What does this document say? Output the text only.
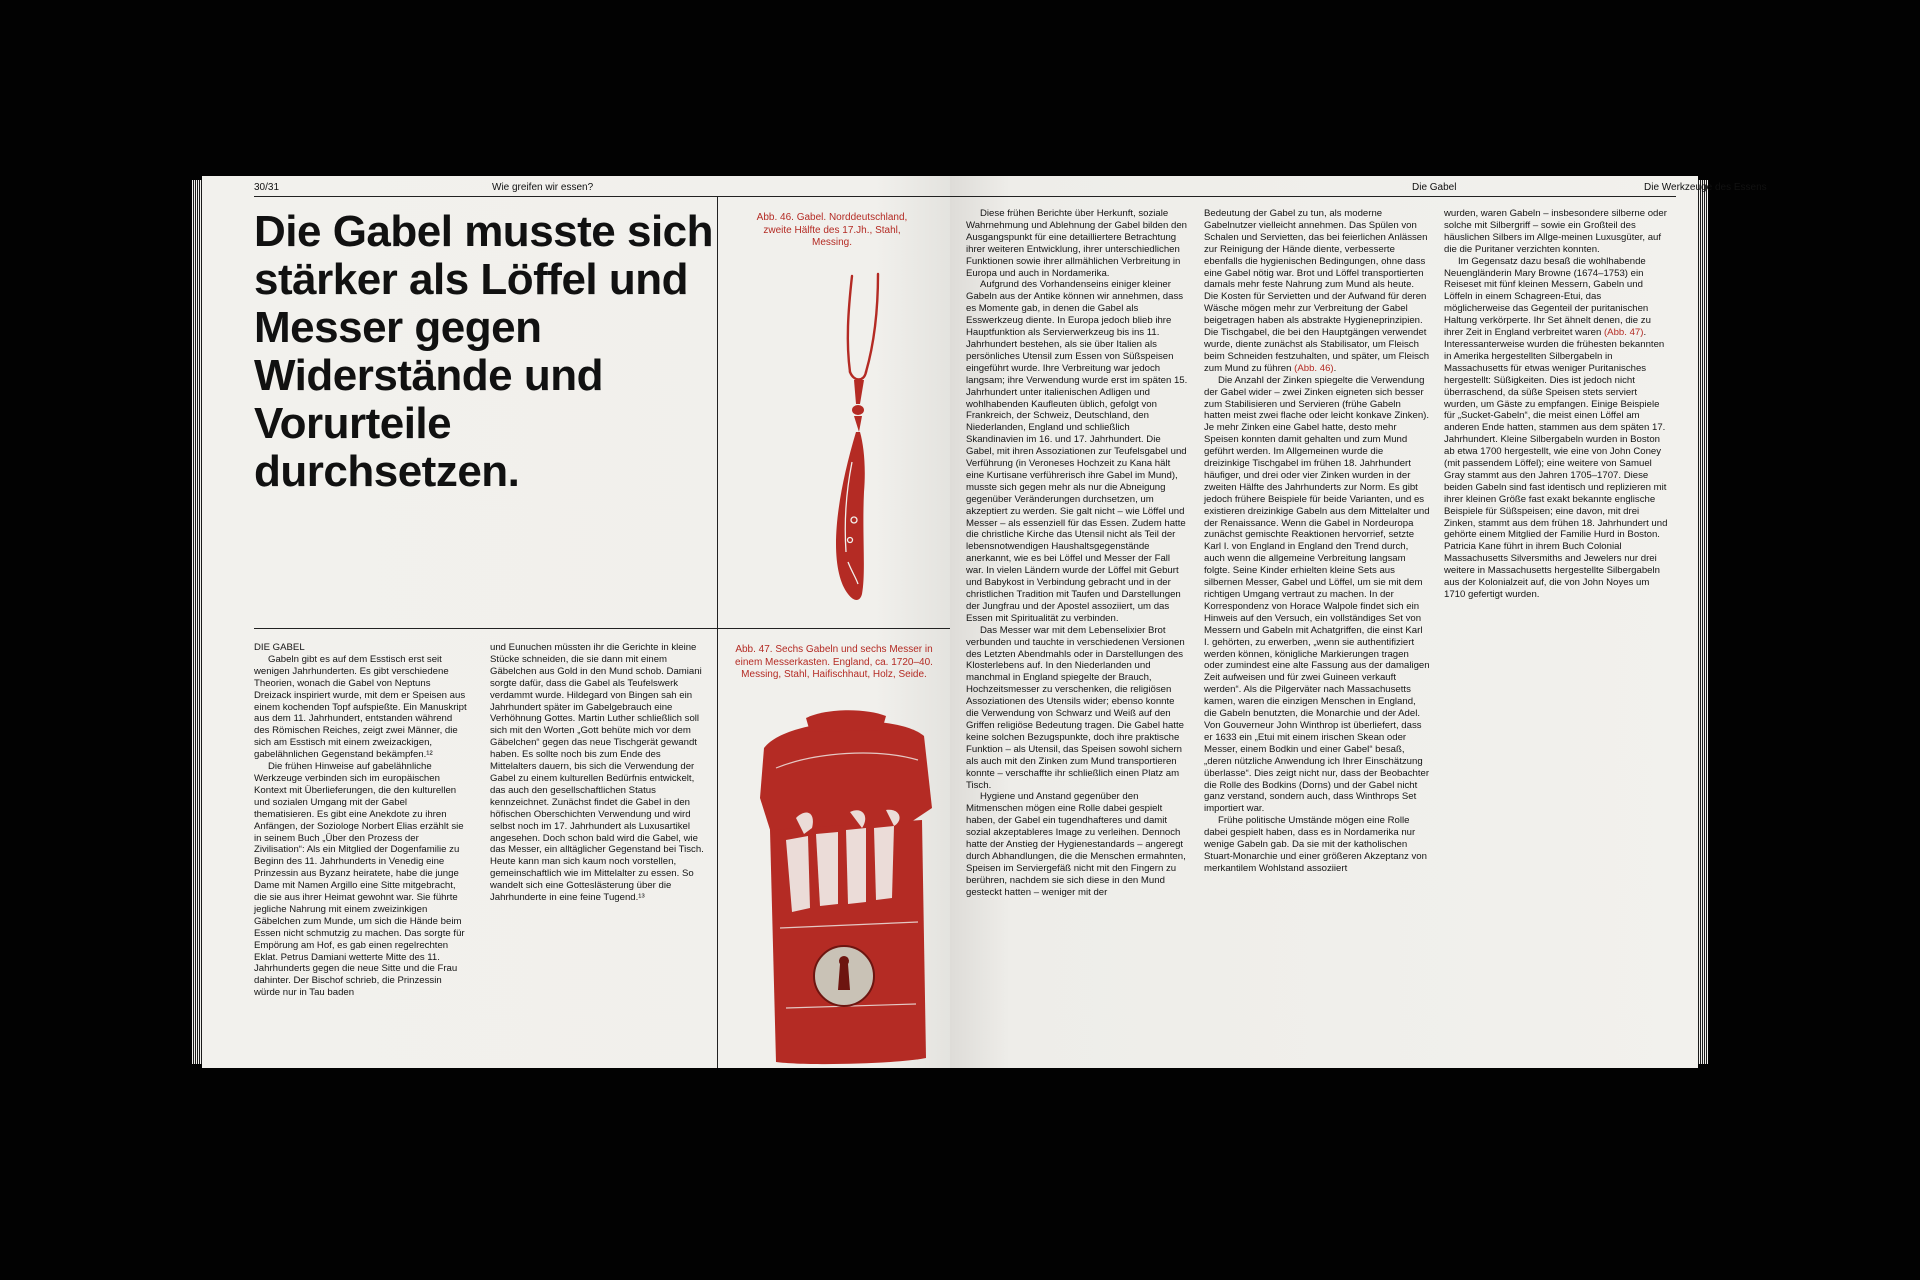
30/31	Wie greifen wir essen?
Die Gabel musste sich stärker als Löffel und Messer gegen Widerstände und Vorurteile durchsetzen.
Abb. 46. Gabel. Norddeutschland, zweite Hälfte des 17.Jh., Stahl, Messing.
Abb. 47. Sechs Gabeln und sechs Messer in einem Messerkasten. England, ca. 1720–40. Messing, Stahl, Haifischhaut, Holz, Seide.

DIE GABEL

Gabeln gibt es auf dem Esstisch erst seit wenigen Jahrhunderten. Es gibt verschiedene Theorien, wonach die Gabel von Neptuns Dreizack inspiriert wurde, mit dem er Speisen aus einem kochenden Topf aufspießte. Ein Manuskript aus dem 11. Jahrhundert, entstanden während des Römischen Reiches, zeigt zwei Männer, die sich am Esstisch mit einem zweizackigen, gabelähnlichen Gegenstand bekämpfen.¹²

Die frühen Hinweise auf gabelähnliche Werkzeuge verbinden sich im europäischen Kontext mit Überlieferungen, die den kulturellen und sozialen Umgang mit der Gabel thematisieren. Es gibt eine Anekdote zu ihren Anfängen, der Soziologe Norbert Elias erzählt sie in seinem Buch „Über den Prozess der Zivilisation“: Als ein Mitglied der Dogenfamilie zu Beginn des 11. Jahrhunderts in Venedig eine Prinzessin aus Byzanz heiratete, habe die junge Dame mit Namen Argillo eine Sitte mitgebracht, die sie aus ihrer Heimat gewohnt war. Sie führte jegliche Nahrung mit einem zweizinkigen Gäbelchen zum Munde, um sich die Hände beim Essen nicht schmutzig zu machen. Das sorgte für Empörung am Hof, es gab einen regelrechten Eklat. Petrus Damiani wetterte Mitte des 11. Jahrhunderts gegen die neue Sitte und die Frau dahinter. Der Bischof schrieb, die Prinzessin würde nur in Tau baden

und Eunuchen müssten ihr die Gerichte in kleine Stücke schneiden, die sie dann mit einem Gäbelchen aus Gold in den Mund schob. Damiani sorgte dafür, dass die Gabel als Teufelswerk verdammt wurde. Hildegard von Bingen sah ein Jahrhundert später im Gabelgebrauch eine Verhöhnung Gottes. Martin Luther schließlich soll sich mit den Worten „Gott behüte mich vor dem Gäbelchen“ gegen das neue Tischgerät gewandt haben. Es sollte noch bis zum Ende des Mittelalters dauern, bis sich die Verwendung der Gabel zu einem kulturellen Bedürfnis entwickelt, das auch den gesellschaftlichen Status kennzeichnet. Zunächst findet die Gabel in den höfischen Oberschichten Verwendung und wird selbst noch im 17. Jahrhundert als Luxusartikel angesehen. Doch schon bald wird die Gabel, wie das Messer, ein alltäglicher Gegenstand bei Tisch. Heute kann man sich kaum noch vorstellen, gemeinschaftlich wie im Mittelalter zu essen. So wandelt sich eine Gotteslästerung über die Jahrhunderte in eine feine Tugend.¹³

Die Gabel	Die Werkzeuge des Essens

Diese frühen Berichte über Herkunft, soziale Wahrnehmung und Ablehnung der Gabel bilden den Ausgangspunkt für eine detailliertere Betrachtung ihrer weiteren Entwicklung, ihrer unterschiedlichen Funktionen sowie ihrer allmählichen Verbreitung in Europa und auch in Nordamerika.

Aufgrund des Vorhandenseins einiger kleiner Gabeln aus der Antike können wir annehmen, dass es Momente gab, in denen die Gabel als Esswerkzeug diente. In Europa jedoch blieb ihre Hauptfunktion als Servierwerkzeug bis ins 11. Jahrhundert bestehen, als sie über Italien als persönliches Utensil zum Essen von Süßspeisen eingeführt wurde. Ihre Verbreitung war jedoch langsam; ihre Verwendung wurde erst im späten 15. Jahrhundert unter italienischen Adligen und wohlhabenden Kaufleuten üblich, gefolgt von Frankreich, der Schweiz, Deutschland, den Niederlanden, England und schließlich Skandinavien im 16. und 17. Jahrhundert. Die Gabel, mit ihren Assoziationen zur Teufelsgabel und Verführung (in Veroneses Hochzeit zu Kana hält eine Kurtisane verführerisch ihre Gabel im Mund), musste sich gegen mehr als nur die Abneigung gegenüber Veränderungen durchsetzen, um akzeptiert zu werden. Sie galt nicht – wie Löffel und Messer – als essenziell für das Essen. Zudem hatte die christliche Kirche das Utensil nicht als Teil der lebensnotwendigen Haushaltsgegenstände anerkannt, wie es bei Löffel und Messer der Fall war. In vielen Ländern wurde der Löffel mit Geburt und Babykost in Verbindung gebracht und in der christlichen Tradition mit Taufen und Darstellungen der Jungfrau und der Apostel assoziiert, um das Essen mit Spiritualität zu verbinden.

Das Messer war mit dem Lebenselixier Brot verbunden und tauchte in verschiedenen Versionen des Letzten Abendmahls oder in Darstellungen des Klosterlebens auf. In den Niederlanden und manchmal in England spiegelte der Brauch, Hochzeitsmesser zu verschenken, die religiösen Assoziationen des Utensils wider; ebenso konnte die Verwendung von Schwarz und Weiß auf den Griffen religiöse Bedeutung tragen. Die Gabel hatte keine solchen Bezugspunkte, doch ihre praktische Funktion – als Utensil, das Speisen sowohl sichern als auch mit den Zinken zum Mund transportieren konnte – verschaffte ihr schließlich einen Platz am Tisch.

Hygiene und Anstand gegenüber den Mitmenschen mögen eine Rolle dabei gespielt haben, der Gabel ein tugendhafteres und damit sozial akzeptableres Image zu verleihen. Dennoch hatte der Anstieg der Hygienestandards – angeregt durch Abhandlungen, die die Menschen ermahnten, Speisen im Serviergefäß nicht mit den Fingern zu berühren, nachdem sie sich diese in den Mund gesteckt hatten – weniger mit der

Bedeutung der Gabel zu tun, als moderne Gabelnutzer vielleicht annehmen. Das Spülen von Schalen und Servietten, das bei feierlichen Anlässen zur Reinigung der Hände diente, verbesserte ebenfalls die hygienischen Bedingungen, ohne dass eine Gabel nötig war. Brot und Löffel transportierten damals mehr feste Nahrung zum Mund als heute. Die Kosten für Servietten und der Aufwand für deren Wäsche mögen mehr zur Verbreitung der Gabel beigetragen haben als abstrakte Hygieneprinzipien. Die Tischgabel, die bei den Hauptgängen verwendet wurde, diente zunächst als Stabilisator, um Fleisch beim Schneiden festzuhalten, und später, um Fleisch zum Mund zu führen (Abb. 46).

Die Anzahl der Zinken spiegelte die Verwendung der Gabel wider – zwei Zinken eigneten sich besser zum Stabilisieren und Servieren (frühe Gabeln hatten meist zwei flache oder leicht konkave Zinken). Je mehr Zinken eine Gabel hatte, desto mehr Speisen konnten damit gehalten und zum Mund geführt werden. Im Allgemeinen wurde die dreizinkige Tischgabel im frühen 18. Jahrhundert häufiger, und drei oder vier Zinken wurden in der zweiten Hälfte des Jahrhunderts zur Norm. Es gibt jedoch frühere Beispiele für beide Varianten, und es existieren dreizinkige Gabeln aus dem Mittelalter und der Renaissance. Wenn die Gabel in Nordeuropa zunächst gemischte Reaktionen hervorrief, setzte Karl I. von England in England den Trend durch, auch wenn die allgemeine Verbreitung langsam folgte. Seine Kinder erhielten kleine Sets aus silbernen Messer, Gabel und Löffel, um sie mit dem richtigen Umgang vertraut zu machen. In der Korrespondenz von Horace Walpole findet sich ein Hinweis auf den Versuch, ein vollständiges Set von Messern und Gabeln mit Achatgriffen, die einst Karl I. gehörten, zu erwerben, „wenn sie authentifiziert werden können, königliche Markierungen tragen oder zumindest eine alte Fassung aus der damaligen Zeit aufweisen und für zwei Guineen verkauft werden“. Als die Pilgerväter nach Massachusetts kamen, waren die einzigen Menschen in England, die Gabeln benutzten, die Monarchie und der Adel. Von Gouverneur John Winthrop ist überliefert, dass er 1633 ein „Etui mit einem irischen Skean oder Messer, einem Bodkin und einer Gabel“ besaß, „deren nützliche Anwendung ich Ihrer Einschätzung überlasse“. Dies zeigt nicht nur, dass der Beobachter die Rolle des Bodkins (Dorns) und der Gabel nicht ganz verstand, sondern auch, dass Winthrops Set importiert war.

Frühe politische Umstände mögen eine Rolle dabei gespielt haben, dass es in Nordamerika nur wenige Gabeln gab. Da sie mit der katholischen Stuart-Monarchie und einer größeren Akzeptanz von merkantilem Wohlstand assoziiert

wurden, waren Gabeln – insbesondere silberne oder solche mit Silbergriff – sowie ein Großteil des häuslichen Silbers im Allge-meinen Luxusgüter, auf die die Puritaner verzichten konnten.

Im Gegensatz dazu besaß die wohlhabende Neuengländerin Mary Browne (1674–1753) ein Reiseset mit fünf kleinen Messern, Gabeln und Löffeln in einem Schagreen-Etui, das möglicherweise das Gegenteil der puritanischen Haltung verkörperte. Ihr Set ähnelt denen, die zu ihrer Zeit in England verbreitet waren (Abb. 47). Interessanterweise wurden die frühesten bekannten in Amerika hergestellten Silbergabeln in Massachusetts für etwas weniger Puritanisches hergestellt: Süßigkeiten. Dies ist jedoch nicht überraschend, da süße Speisen stets serviert wurden, um Gäste zu empfangen. Einige Beispiele für „Sucket-Gabeln“, die meist einen Löffel am anderen Ende hatten, stammen aus dem späten 17. Jahrhundert. Kleine Silbergabeln wurden in Boston ab etwa 1700 hergestellt, wie eine von John Coney (mit passendem Löffel); eine weitere von Samuel Gray stammt aus den Jahren 1705–1707. Diese beiden Gabeln sind fast identisch und replizieren mit ihrer kleinen Größe fast exakt bekannte englische Beispiele für Süßspeisen; eine davon, mit drei Zinken, stammt aus dem frühen 18. Jahrhundert und gehörte einem Mitglied der Familie Hurd in Boston. Patricia Kane führt in ihrem Buch Colonial Massachusetts Silversmiths and Jewelers nur drei weitere in Massachusetts hergestellte Silbergabeln aus der Kolonialzeit auf, die von John Noyes um 1710 gefertigt wurden.
